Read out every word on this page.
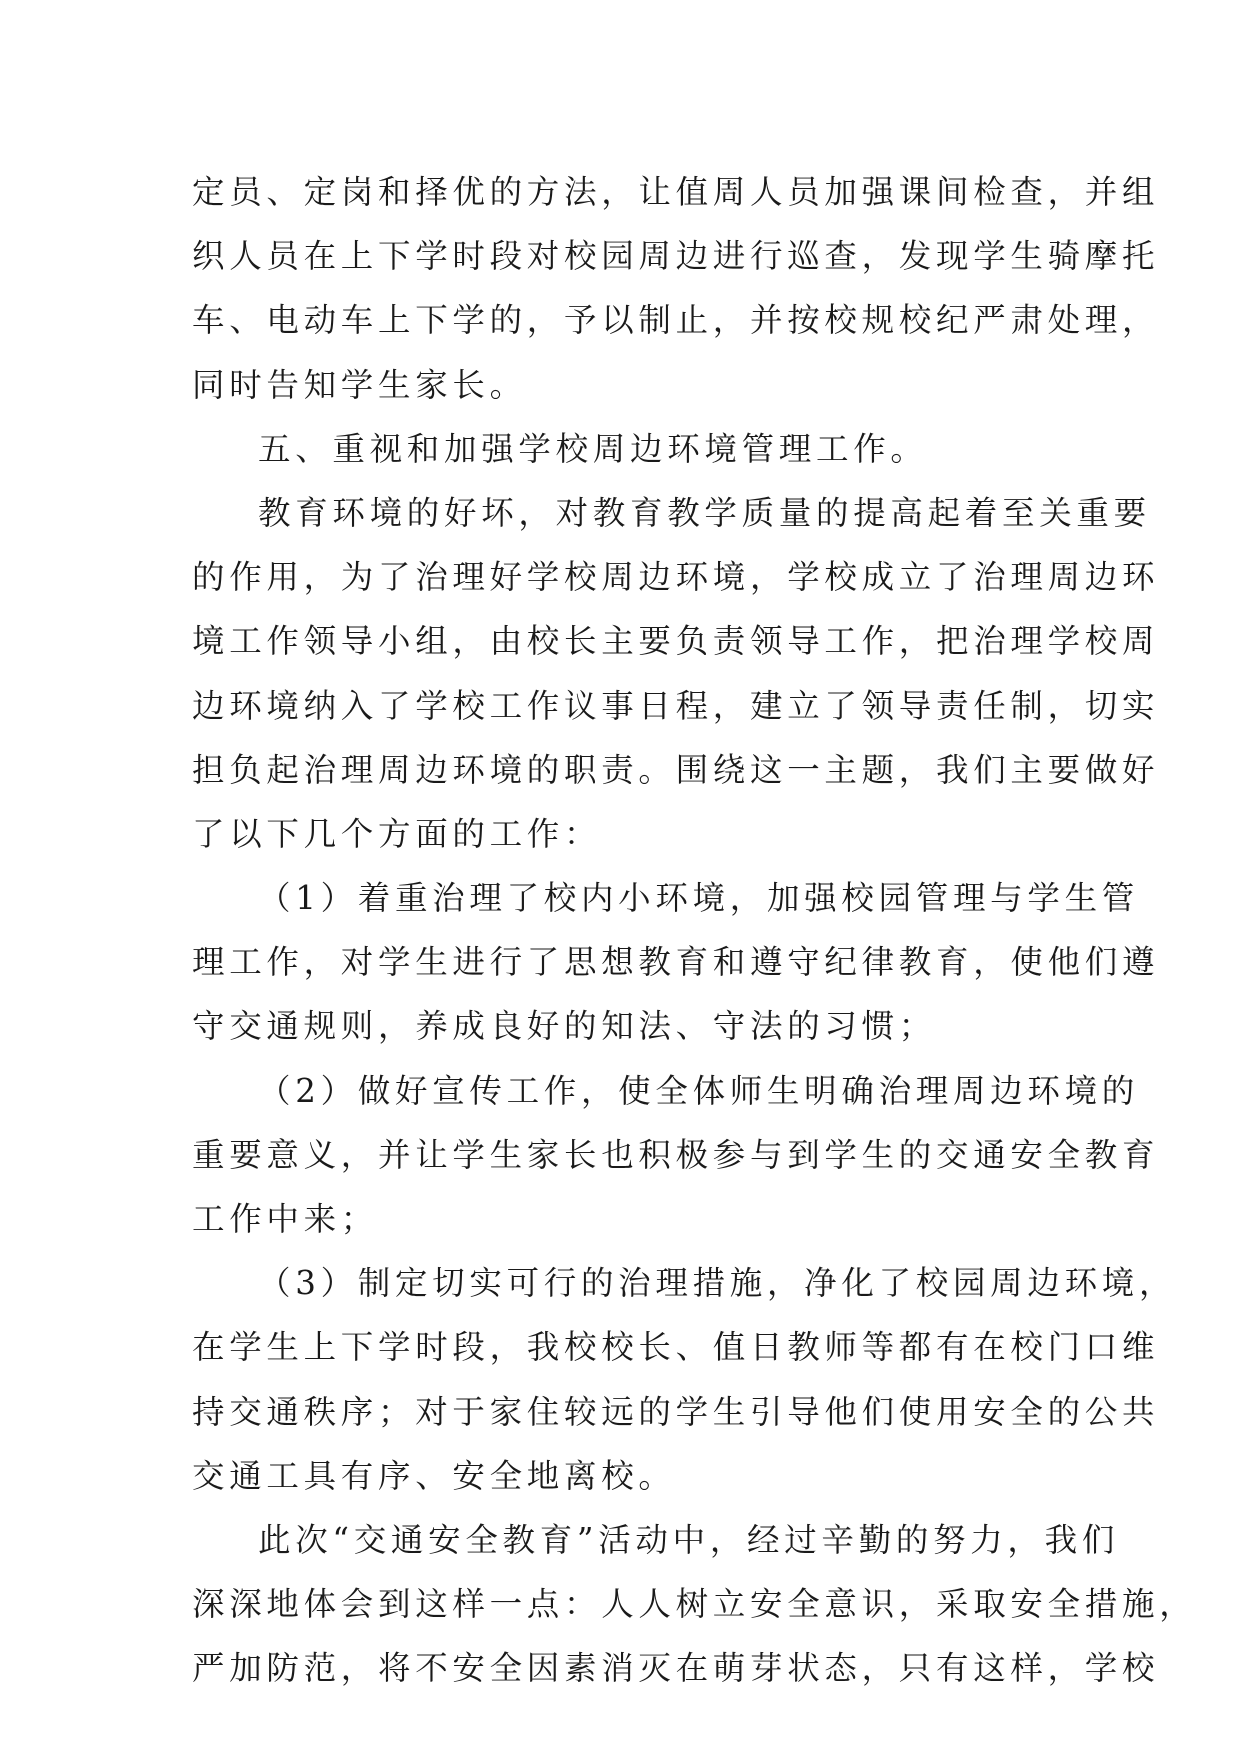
定员、定岗和择优的方法，让值周人员加强课间检查，并组
织人员在上下学时段对校园周边进行巡查，发现学生骑摩托
车、电动车上下学的，予以制止，并按校规校纪严肃处理，
同时告知学生家长。
五、重视和加强学校周边环境管理工作。
教育环境的好坏，对教育教学质量的提高起着至关重要
的作用，为了治理好学校周边环境，学校成立了治理周边环
境工作领导小组，由校长主要负责领导工作，把治理学校周
边环境纳入了学校工作议事日程，建立了领导责任制，切实
担负起治理周边环境的职责。围绕这一主题，我们主要做好
了以下几个方面的工作：
（1）着重治理了校内小环境，加强校园管理与学生管
理工作，对学生进行了思想教育和遵守纪律教育，使他们遵
守交通规则，养成良好的知法、守法的习惯；
（2）做好宣传工作，使全体师生明确治理周边环境的
重要意义，并让学生家长也积极参与到学生的交通安全教育
工作中来；
（3）制定切实可行的治理措施，净化了校园周边环境，
在学生上下学时段，我校校长、值日教师等都有在校门口维
持交通秩序；对于家住较远的学生引导他们使用安全的公共
交通工具有序、安全地离校。
此次“交通安全教育”活动中，经过辛勤的努力，我们
深深地体会到这样一点：人人树立安全意识，采取安全措施，
严加防范，将不安全因素消灭在萌芽状态，只有这样，学校
